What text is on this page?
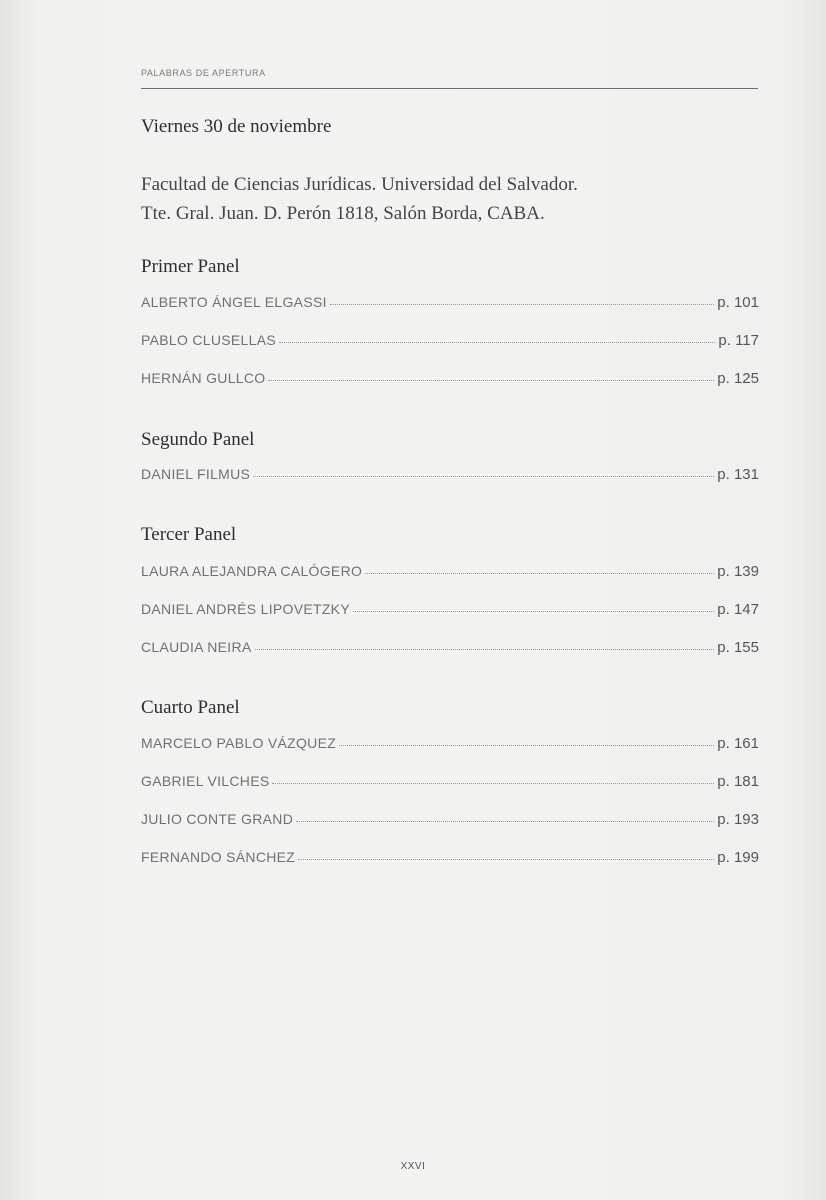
PALABRAS DE APERTURA
Viernes 30 de noviembre
Facultad de Ciencias Jurídicas. Universidad del Salvador.
Tte. Gral. Juan. D. Perón 1818, Salón Borda, CABA.
Primer Panel
ALBERTO ÁNGEL ELGASSI	p. 101
PABLO CLUSELLAS	p. 117
HERNÁN GULLCO	p. 125
Segundo Panel
DANIEL FILMUS	p. 131
Tercer Panel
LAURA ALEJANDRA CALÓGERO	p. 139
DANIEL ANDRÉS LIPOVETZKY	p. 147
CLAUDIA NEIRA	p. 155
Cuarto Panel
MARCELO PABLO VÁZQUEZ	p. 161
GABRIEL VILCHES	p. 181
JULIO CONTE GRAND	p. 193
FERNANDO SÁNCHEZ	p. 199
XXVI
